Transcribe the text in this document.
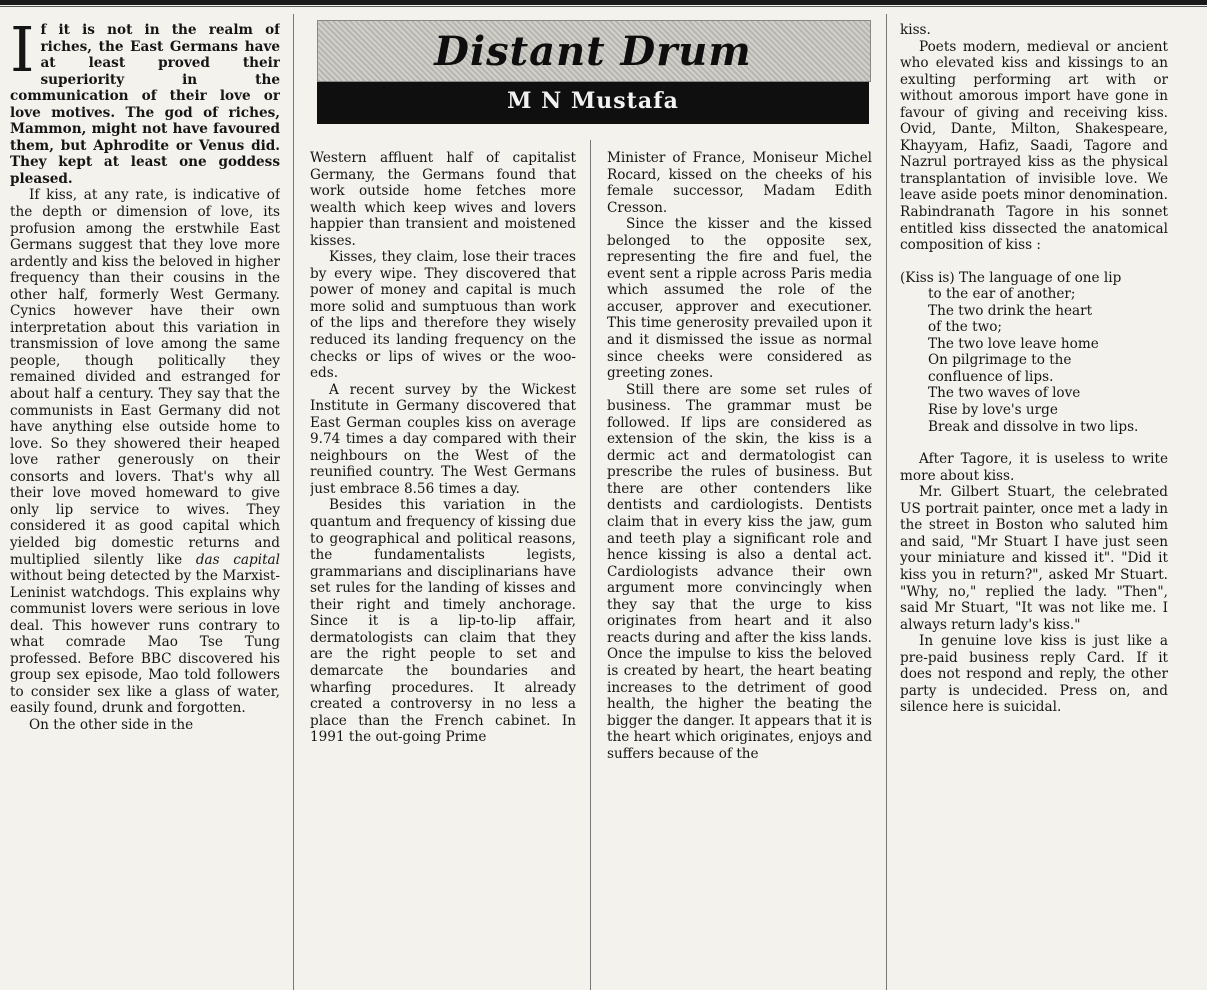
Distant Drum
M N Mustafa

If it is not in the realm of riches, the East Germans have at least proved their superiority in the communication of their love or love motives. The god of riches, Mammon, might not have favoured them, but Aphrodite or Venus did. They kept at least one goddess pleased.

If kiss, at any rate, is indicative of the depth or dimension of love, its profusion among the erstwhile East Germans suggest that they love more ardently and kiss the beloved in higher frequency than their cousins in the other half, formerly West Germany. Cynics however have their own interpretation about this variation in transmission of love among the same people, though politically they remained divided and estranged for about half a century. They say that the communists in East Germany did not have anything else outside home to love. So they showered their heaped love rather generously on their consorts and lovers. That's why all their love moved homeward to give only lip service to wives. They considered it as good capital which yielded big domestic returns and multiplied silently like das capital without being detected by the Marxist-Leninist watchdogs. This explains why communist lovers were serious in love deal. This however runs contrary to what comrade Mao Tse Tung professed. Before BBC discovered his group sex episode, Mao told followers to consider sex like a glass of water, easily found, drunk and forgotten.

On the other side in the

Western affluent half of capitalist Germany, the Germans found that work outside home fetches more wealth which keep wives and lovers happier than transient and moistened kisses.

Kisses, they claim, lose their traces by every wipe. They discovered that power of money and capital is much more solid and sumptuous than work of the lips and therefore they wisely reduced its landing frequency on the checks or lips of wives or the woo-eds.

A recent survey by the Wickest Institute in Germany discovered that East German couples kiss on average 9.74 times a day compared with their neighbours on the West of the reunified country. The West Germans just embrace 8.56 times a day.

Besides this variation in the quantum and frequency of kissing due to geographical and political reasons, the fundamentalists legists, grammarians and disciplinarians have set rules for the landing of kisses and their right and timely anchorage. Since it is a lip-to-lip affair, dermatologists can claim that they are the right people to set and demarcate the boundaries and wharfing procedures. It already created a controversy in no less a place than the French cabinet. In 1991 the out-going Prime

Minister of France, Moniseur Michel Rocard, kissed on the cheeks of his female successor, Madam Edith Cresson.

Since the kisser and the kissed belonged to the opposite sex, representing the fire and fuel, the event sent a ripple across Paris media which assumed the role of the accuser, approver and executioner. This time generosity prevailed upon it and it dismissed the issue as normal since cheeks were considered as greeting zones.

Still there are some set rules of business. The grammar must be followed. If lips are considered as extension of the skin, the kiss is a dermic act and dermatologist can prescribe the rules of business. But there are other contenders like dentists and cardiologists. Dentists claim that in every kiss the jaw, gum and teeth play a significant role and hence kissing is also a dental act. Cardiologists advance their own argument more convincingly when they say that the urge to kiss originates from heart and it also reacts during and after the kiss lands. Once the impulse to kiss the beloved is created by heart, the heart beating increases to the detriment of good health, the higher the beating the bigger the danger. It appears that it is the heart which originates, enjoys and suffers because of the

kiss.

Poets modern, medieval or ancient who elevated kiss and kissings to an exulting performing art with or without amorous import have gone in favour of giving and receiving kiss. Ovid, Dante, Milton, Shakespeare, Khayyam, Hafiz, Saadi, Tagore and Nazrul portrayed kiss as the physical transplantation of invisible love. We leave aside poets minor denomination. Rabindranath Tagore in his sonnet entitled kiss dissected the anatomical composition of kiss :

(Kiss is) The language of one lip

to the ear of another;

The two drink the heart

of the two;

The two love leave home

On pilgrimage to the

confluence of lips.

The two waves of love

Rise by love's urge

Break and dissolve in two lips.

After Tagore, it is useless to write more about kiss.

Mr. Gilbert Stuart, the celebrated US portrait painter, once met a lady in the street in Boston who saluted him and said, "Mr Stuart I have just seen your miniature and kissed it". "Did it kiss you in return?", asked Mr Stuart. "Why, no," replied the lady. "Then", said Mr Stuart, "It was not like me. I always return lady's kiss."

In genuine love kiss is just like a pre-paid business reply Card. If it does not respond and reply, the other party is undecided. Press on, and silence here is suicidal.
